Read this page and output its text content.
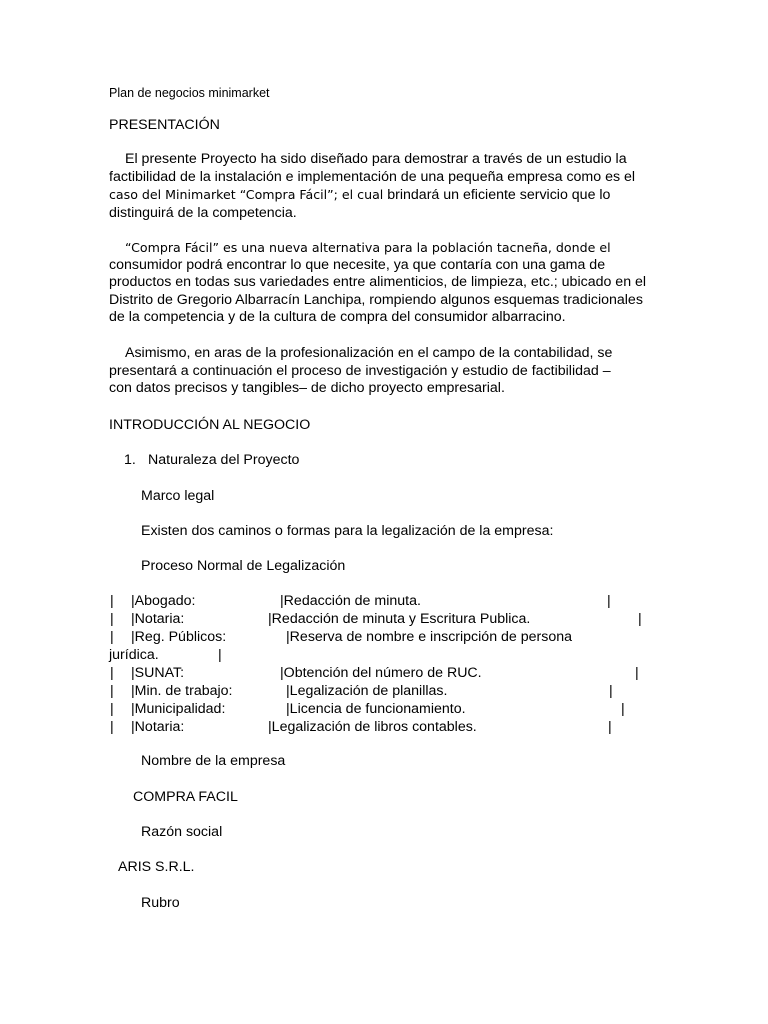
Plan de negocios minimarket
PRESENTACIÓN
El presente Proyecto ha sido diseñado para demostrar a través de un estudio la
factibilidad de la instalación e implementación de una pequeña empresa como es el
caso del Minimarket “Compra Fácil”; el cual brindará un eficiente servicio que lo
distinguirá de la competencia.
“Compra Fácil” es una nueva alternativa para la población tacneña, donde el
consumidor podrá encontrar lo que necesite, ya que contaría con una gama de
productos en todas sus variedades entre alimenticios, de limpieza, etc.; ubicado en el
Distrito de Gregorio Albarracín Lanchipa, rompiendo algunos esquemas tradicionales
de la competencia y de la cultura de compra del consumidor albarracino.
Asimismo, en aras de la profesionalización en el campo de la contabilidad, se
presentará a continuación el proceso de investigación y estudio de factibilidad –
con datos precisos y tangibles– de dicho proyecto empresarial.
INTRODUCCIÓN AL NEGOCIO
1. Naturaleza del Proyecto
Marco legal
Existen dos caminos o formas para la legalización de la empresa:
Proceso Normal de Legalización
| |Abogado:	|Redacción de minuta.	|
| |Notaria:	|Redacción de minuta y Escritura Publica.	|
| |Reg. Públicos:	|Reserva de nombre e inscripción de persona
jurídica.	|
| |SUNAT:	|Obtención del número de RUC.	|
| |Min. de trabajo:	|Legalización de planillas.	|
| |Municipalidad:	|Licencia de funcionamiento.	|
| |Notaria:	|Legalización de libros contables.	|
Nombre de la empresa
COMPRA FACIL
Razón social
ARIS S.R.L.
Rubro
